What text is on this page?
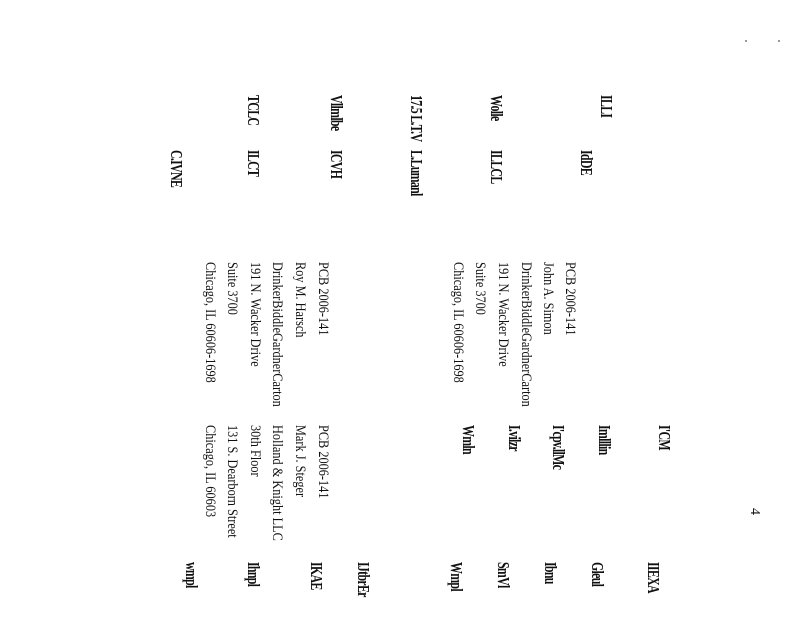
4
ILLI
Wolle
17.5 L.T.V
Vllmlbe
TCLC
IdDE
ILLCL
L.Lumanl
ICVH
ILCT
C.IVNE
PCB 2006-141
John A. Simon
DrinkerBiddleGardnerCarton
191 N. Wacker Drive
Suite 3700
Chicago, IL 60606-1698
PCB 2006-141
Roy M. Harsch
DrinkerBiddleGardnerCarton
191 N. Wacker Drive
Suite 3700
Chicago, IL 60606-1698
I'CM
Imlllin
I'cpv.llMc
I.vilzr
Wmln
PCB 2006-141
Mark J. Steger
Holland & Knight LLC
30th Floor
131 S. Dearborn Street
Chicago, IL 60603
IIEXA
Gleul
Ibnu
SmVl
Wmpl
IJtbrEr
IKAE
Ihnpl
wmpl
